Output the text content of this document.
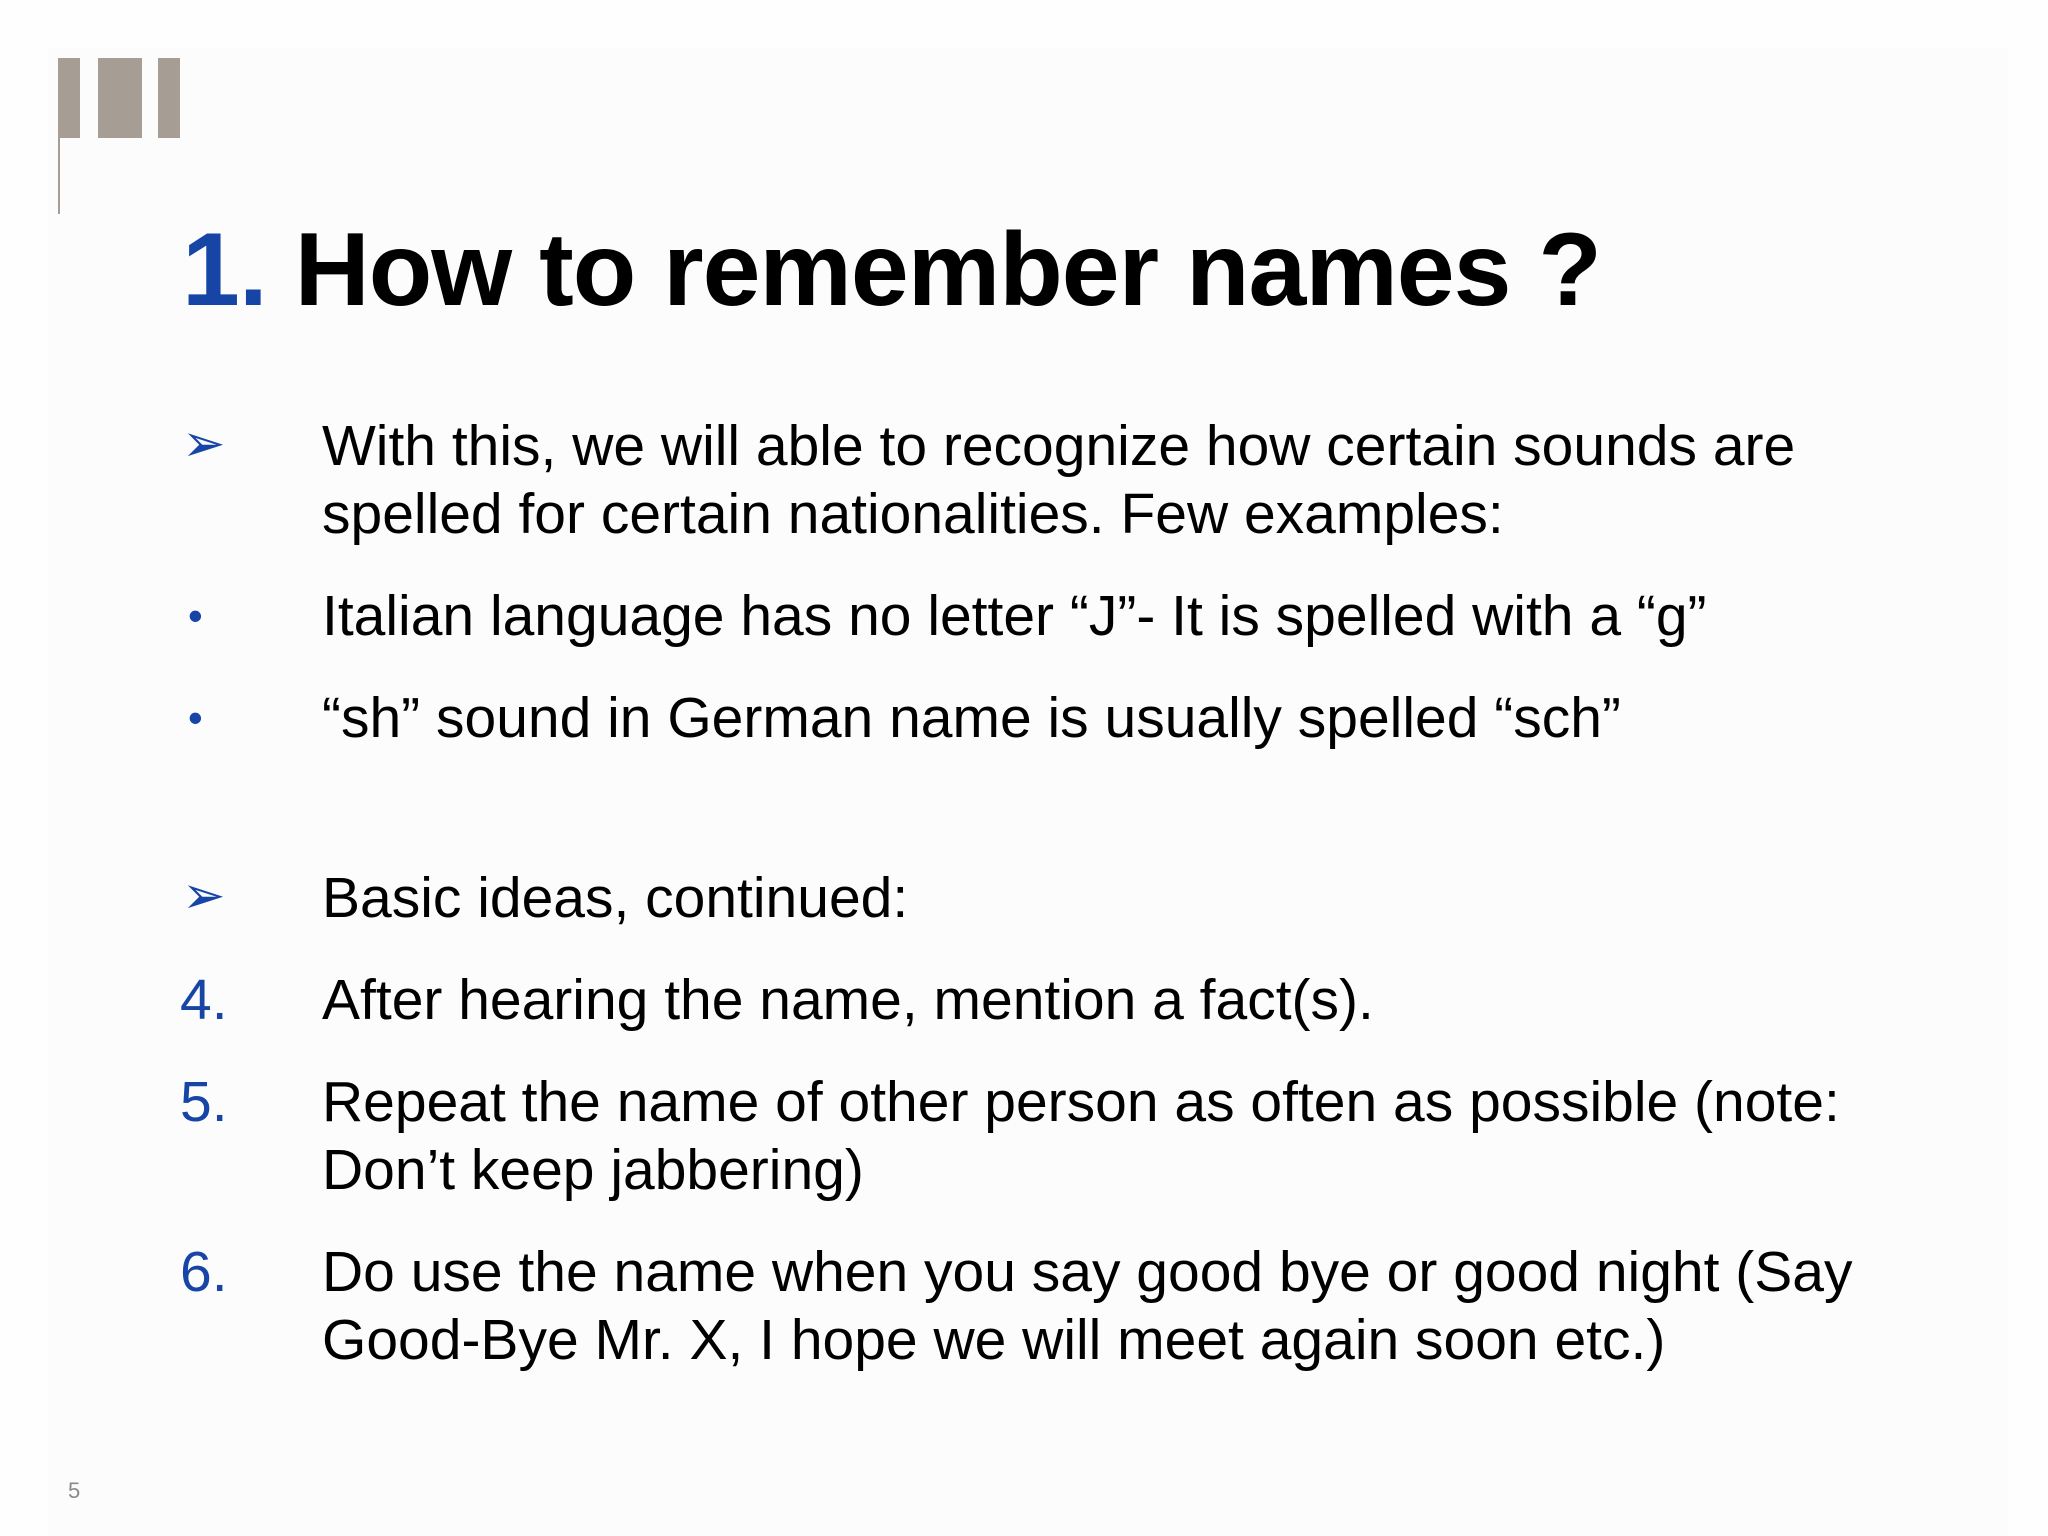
1. How to remember names ?
➢ With this, we will able to recognize how certain sounds are
spelled for certain nationalities. Few examples:
• Italian language has no letter “J”- It is spelled with a “g”
• “sh” sound in German name is usually spelled “sch”
➢ Basic ideas, continued:
4. After hearing the name, mention a fact(s).
5. Repeat the name of other person as often as possible (note:
Don’t keep jabbering)
6. Do use the name when you say good bye or good night (Say
Good-Bye Mr. X, I hope we will meet again soon etc.)
5
